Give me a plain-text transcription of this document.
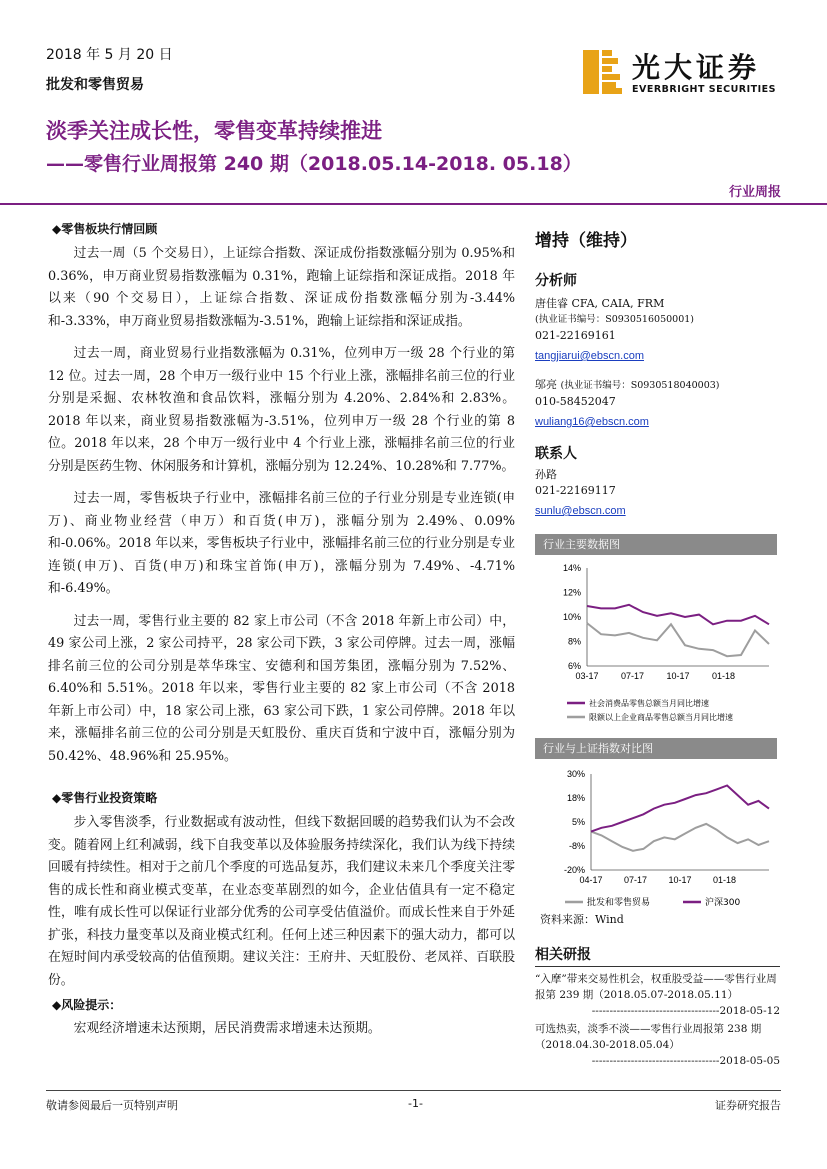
2018 年 5 月 20 日
批发和零售贸易
光大证券
EVERBRIGHT SECURITIES
淡季关注成长性，零售变革持续推进
——零售行业周报第 240 期（2018.05.14-2018. 05.18）
行业周报
◆零售板块行情回顾

过去一周（5 个交易日），上证综合指数、深证成份指数涨幅分别为 0.95%和 0.36%，申万商业贸易指数涨幅为 0.31%，跑输上证综指和深证成指。2018 年以来（90 个交易日），上证综合指数、深证成份指数涨幅分别为-3.44%和-3.33%，申万商业贸易指数涨幅为-3.51%，跑输上证综指和深证成指。

过去一周，商业贸易行业指数涨幅为 0.31%，位列申万一级 28 个行业的第 12 位。过去一周，28 个申万一级行业中 15 个行业上涨，涨幅排名前三位的行业分别是采掘、农林牧渔和食品饮料，涨幅分别为 4.20%、2.84%和 2.83%。2018 年以来，商业贸易指数涨幅为-3.51%，位列申万一级 28 个行业的第 8 位。2018 年以来，28 个申万一级行业中 4 个行业上涨，涨幅排名前三位的行业分别是医药生物、休闲服务和计算机，涨幅分别为 12.24%、10.28%和 7.77%。

过去一周，零售板块子行业中，涨幅排名前三位的子行业分别是专业连锁(申万)、商业物业经营（申万）和百货(申万)，涨幅分别为 2.49%、0.09%和-0.06%。2018 年以来，零售板块子行业中，涨幅排名前三位的行业分别是专业连锁(申万)、百货(申万)和珠宝首饰(申万)，涨幅分别为 7.49%、-4.71%和-6.49%。

过去一周，零售行业主要的 82 家上市公司（不含 2018 年新上市公司）中，49 家公司上涨，2 家公司持平，28 家公司下跌，3 家公司停牌。过去一周，涨幅排名前三位的公司分别是萃华珠宝、安德利和国芳集团，涨幅分别为 7.52%、6.40%和 5.51%。2018 年以来，零售行业主要的 82 家上市公司（不含 2018 年新上市公司）中，18 家公司上涨，63 家公司下跌，1 家公司停牌。2018 年以来，涨幅排名前三位的公司分别是天虹股份、重庆百货和宁波中百，涨幅分别为 50.42%、48.96%和 25.95%。

◆零售行业投资策略

步入零售淡季，行业数据或有波动性，但线下数据回暖的趋势我们认为不会改变。随着网上红利减弱，线下自我变革以及体验服务持续深化，我们认为线下持续回暖有持续性。相对于之前几个季度的可选品复苏，我们建议未来几个季度关注零售的成长性和商业模式变革，在业态变革剧烈的如今，企业估值具有一定不稳定性，唯有成长性可以保证行业部分优秀的公司享受估值溢价。而成长性来自于外延扩张，科技力量变革以及商业模式红利。任何上述三种因素下的强大动力，都可以在短时间内承受较高的估值预期。建议关注：王府井、天虹股份、老凤祥、百联股份。

◆风险提示：

宏观经济增速未达预期，居民消费需求增速未达预期。

增持（维持）
分析师
唐佳睿 CFA, CAIA, FRM
(执业证书编号：S0930516050001)
021-22169161
tangjiarui@ebscn.com
邬亮 (执业证书编号：S0930518040003)
010-58452047
wuliang16@ebscn.com
联系人
孙路
021-22169117
sunlu@ebscn.com
行业主要数据图
14%
12%
10%
8%
6%
03-17 07-17 10-17 01-18
社会消费品零售总额当月同比增速
限额以上企业商品零售总额当月同比增速
行业与上证指数对比图
30%
18%
5%
-8%
-20%
04-17 07-17 10-17 01-18
批发和零售贸易	沪深300
资料来源：Wind
相关研报

“入摩”带来交易性机会，权重股受益——零售行业周报第 239 期（2018.05.07-2018.05.11）

------------------------------------2018-05-12

可选热卖，淡季不淡——零售行业周报第 238 期（2018.04.30-2018.05.04）

------------------------------------2018-05-05

敬请参阅最后一页特别声明	-1-	证券研究报告
